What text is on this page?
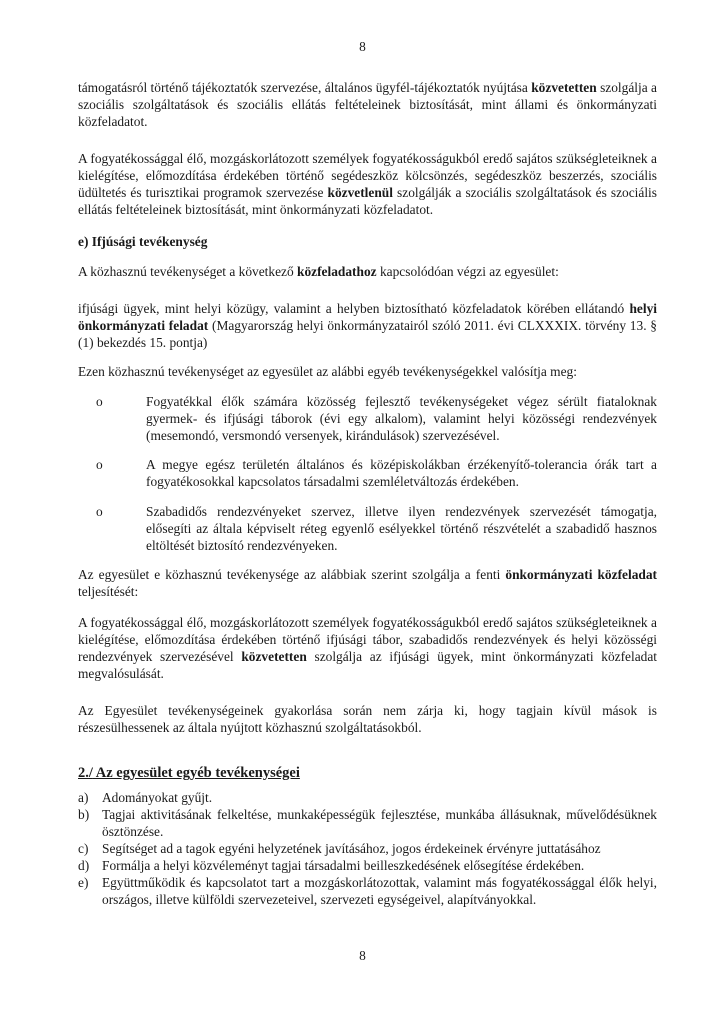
8

támogatásról történő tájékoztatók szervezése, általános ügyfél-tájékoztatók nyújtása közvetetten szolgálja a szociális szolgáltatások és szociális ellátás feltételeinek biztosítását, mint állami és önkormányzati közfeladatot.

A fogyatékossággal élő, mozgáskorlátozott személyek fogyatékosságukból eredő sajátos szükségleteiknek a kielégítése, előmozdítása érdekében történő segédeszköz kölcsönzés, segédeszköz beszerzés, szociális üdültetés és turisztikai programok szervezése közvetlenül szolgálják a szociális szolgáltatások és szociális ellátás feltételeinek biztosítását, mint önkormányzati közfeladatot.

e) Ifjúsági tevékenység

A közhasznú tevékenységet a következő közfeladathoz kapcsolódóan végzi az egyesület:

ifjúsági ügyek, mint helyi közügy, valamint a helyben biztosítható közfeladatok körében ellátandó helyi önkormányzati feladat (Magyarország helyi önkormányzatairól szóló 2011. évi CLXXXIX. törvény 13. § (1) bekezdés 15. pontja)

Ezen közhasznú tevékenységet az egyesület az alábbi egyéb tevékenységekkel valósítja meg:

o	Fogyatékkal élők számára közösség fejlesztő tevékenységeket végez sérült fiataloknak gyermek- és ifjúsági táborok (évi egy alkalom), valamint helyi közösségi rendezvények (mesemondó, versmondó versenyek, kirándulások) szervezésével.

o	A megye egész területén általános és középiskolákban érzékenyítő-tolerancia órák tart a fogyatékosokkal kapcsolatos társadalmi szemléletváltozás érdekében.

o	Szabadidős rendezvényeket szervez, illetve ilyen rendezvények szervezését támogatja, elősegíti az általa képviselt réteg egyenlő esélyekkel történő részvételét a szabadidő hasznos eltöltését biztosító rendezvényeken.

Az egyesület e közhasznú tevékenysége az alábbiak szerint szolgálja a fenti önkormányzati közfeladat teljesítését:

A fogyatékossággal élő, mozgáskorlátozott személyek fogyatékosságukból eredő sajátos szükségleteiknek a kielégítése, előmozdítása érdekében történő ifjúsági tábor, szabadidős rendezvények és helyi közösségi rendezvények szervezésével közvetetten szolgálja az ifjúsági ügyek, mint önkormányzati közfeladat megvalósulását.

Az Egyesület tevékenységeinek gyakorlása során nem zárja ki, hogy tagjain kívül mások is részesülhessenek az általa nyújtott közhasznú szolgáltatásokból.

2./ Az egyesület egyéb tevékenységei
a) Adományokat gyűjt.

b) Tagjai aktivitásának felkeltése, munkaképességük fejlesztése, munkába állásuknak, művelődésüknek ösztönzése.

c) Segítséget ad a tagok egyéni helyzetének javításához, jogos érdekeinek érvényre juttatásához

d) Formálja a helyi közvéleményt tagjai társadalmi beilleszkedésének elősegítése érdekében.

e) Együttműködik és kapcsolatot tart a mozgáskorlátozottak, valamint más fogyatékossággal élők helyi, országos, illetve külföldi szervezeteivel, szervezeti egységeivel, alapítványokkal.

8
